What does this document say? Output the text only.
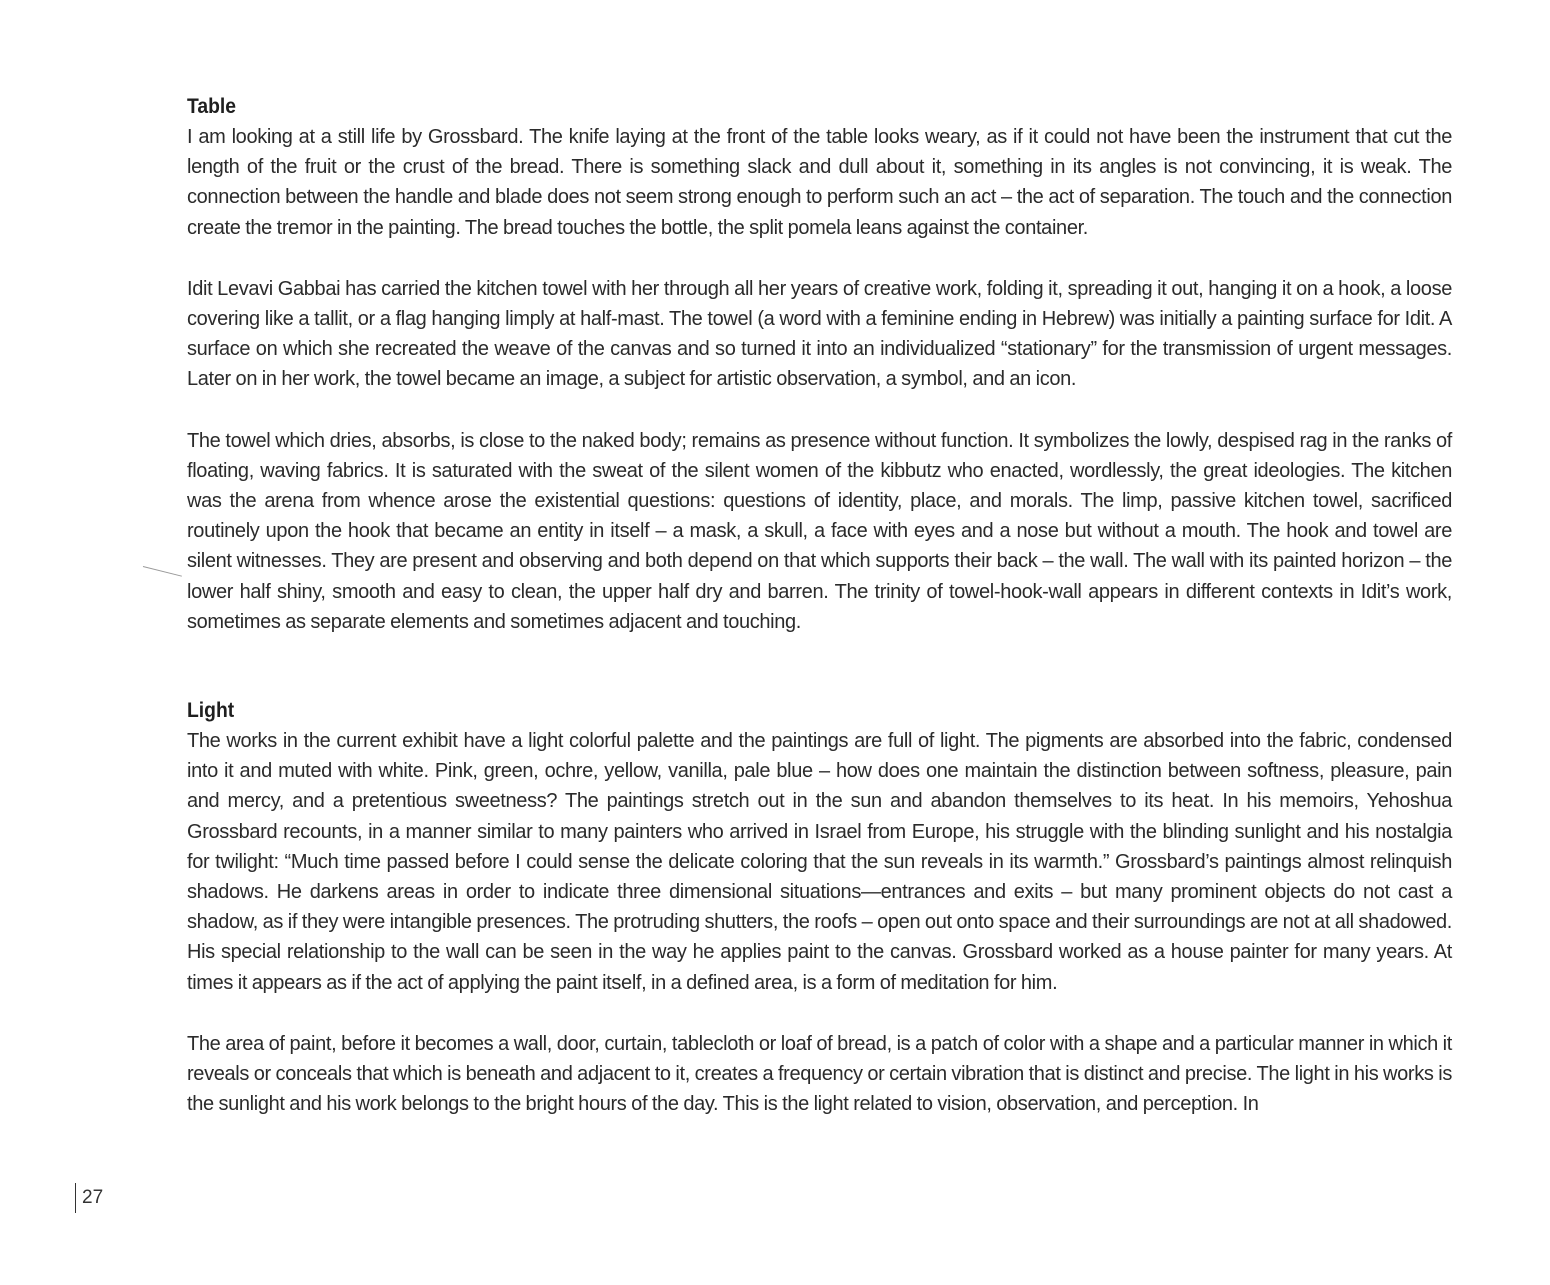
Table

I am looking at a still life by Grossbard. The knife laying at the front of the table looks weary, as if it could not have been the instrument that cut the length of the fruit or the crust of the bread. There is something slack and dull about it, something in its angles is not convincing, it is weak. The connection between the handle and blade does not seem strong enough to perform such an act – the act of separation. The touch and the connection create the tremor in the painting. The bread touches the bottle, the split pomela leans against the container.

Idit Levavi Gabbai has carried the kitchen towel with her through all her years of creative work, folding it, spreading it out, hanging it on a hook, a loose covering like a tallit, or a flag hanging limply at half-mast. The towel (a word with a feminine ending in Hebrew) was initially a painting surface for Idit. A surface on which she recreated the weave of the canvas and so turned it into an individualized “stationary” for the transmission of urgent messages. Later on in her work, the towel became an image, a subject for artistic observation, a symbol, and an icon.

The towel which dries, absorbs, is close to the naked body; remains as presence without function. It symbolizes the lowly, despised rag in the ranks of floating, waving fabrics. It is saturated with the sweat of the silent women of the kibbutz who enacted, wordlessly, the great ideologies. The kitchen was the arena from whence arose the existential questions: questions of identity, place, and morals. The limp, passive kitchen towel, sacrificed routinely upon the hook that became an entity in itself – a mask, a skull, a face with eyes and a nose but without a mouth. The hook and towel are silent witnesses. They are present and observing and both depend on that which supports their back – the wall. The wall with its painted horizon – the lower half shiny, smooth and easy to clean, the upper half dry and barren. The trinity of towel-hook-wall appears in different contexts in Idit’s work, sometimes as separate elements and sometimes adjacent and touching.

Light

The works in the current exhibit have a light colorful palette and the paintings are full of light. The pigments are absorbed into the fabric, condensed into it and muted with white. Pink, green, ochre, yellow, vanilla, pale blue – how does one maintain the distinction between softness, pleasure, pain and mercy, and a pretentious sweetness? The paintings stretch out in the sun and abandon themselves to its heat. In his memoirs, Yehoshua Grossbard recounts, in a manner similar to many painters who arrived in Israel from Europe, his struggle with the blinding sunlight and his nostalgia for twilight: “Much time passed before I could sense the delicate coloring that the sun reveals in its warmth.” Grossbard’s paintings almost relinquish shadows. He darkens areas in order to indicate three dimensional situations—entrances and exits – but many prominent objects do not cast a shadow, as if they were intangible presences. The protruding shutters, the roofs – open out onto space and their surroundings are not at all shadowed. His special relationship to the wall can be seen in the way he applies paint to the canvas. Grossbard worked as a house painter for many years. At times it appears as if the act of applying the paint itself, in a defined area, is a form of meditation for him.

The area of paint, before it becomes a wall, door, curtain, tablecloth or loaf of bread, is a patch of color with a shape and a particular manner in which it reveals or conceals that which is beneath and adjacent to it, creates a frequency or certain vibration that is distinct and precise. The light in his works is the sunlight and his work belongs to the bright hours of the day. This is the light related to vision, observation, and perception. In

27
